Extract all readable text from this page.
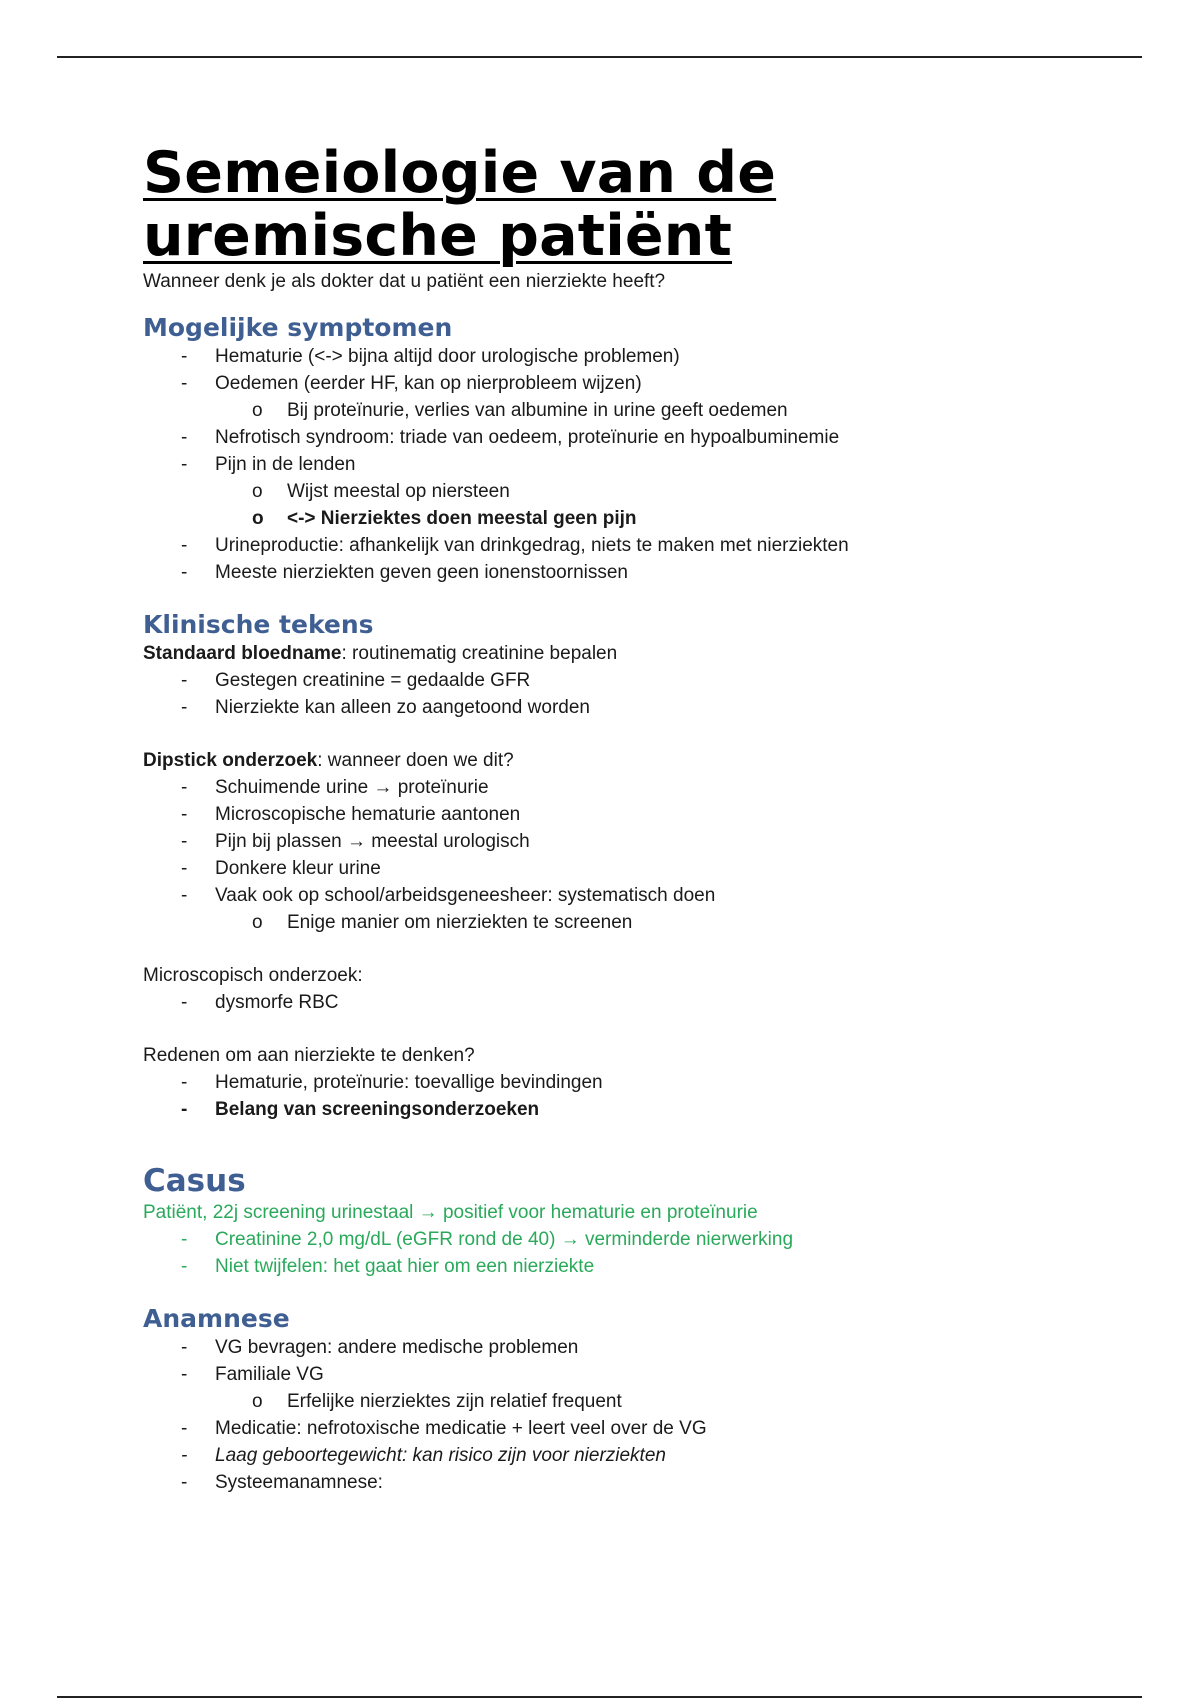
Semeiologie van de
uremische patiënt

Wanneer denk je als dokter dat u patiënt een nierziekte heeft?

Mogelijke symptomen
- Hematurie (<-> bijna altijd door urologische problemen)
- Oedemen (eerder HF, kan op nierprobleem wijzen)
o Bij proteïnurie, verlies van albumine in urine geeft oedemen
- Nefrotisch syndroom: triade van oedeem, proteïnurie en hypoalbuminemie
- Pijn in de lenden
o Wijst meestal op niersteen
o <-> Nierziektes doen meestal geen pijn
- Urineproductie: afhankelijk van drinkgedrag, niets te maken met nierziekten
- Meeste nierziekten geven geen ionenstoornissen
Klinische tekens

Standaard bloedname: routinematig creatinine bepalen

- Gestegen creatinine = gedaalde GFR
- Nierziekte kan alleen zo aangetoond worden

Dipstick onderzoek: wanneer doen we dit?

- Schuimende urine → proteïnurie
- Microscopische hematurie aantonen
- Pijn bij plassen → meestal urologisch
- Donkere kleur urine
- Vaak ook op school/arbeidsgeneesheer: systematisch doen
o Enige manier om nierziekten te screenen

Microscopisch onderzoek:

- dysmorfe RBC

Redenen om aan nierziekte te denken?

- Hematurie, proteïnurie: toevallige bevindingen
- Belang van screeningsonderzoeken
Casus

Patiënt, 22j screening urinestaal → positief voor hematurie en proteïnurie

- Creatinine 2,0 mg/dL (eGFR rond de 40) → verminderde nierwerking
- Niet twijfelen: het gaat hier om een nierziekte
Anamnese
- VG bevragen: andere medische problemen
- Familiale VG
o Erfelijke nierziektes zijn relatief frequent
- Medicatie: nefrotoxische medicatie + leert veel over de VG
- Laag geboortegewicht: kan risico zijn voor nierziekten
- Systeemanamnese:
